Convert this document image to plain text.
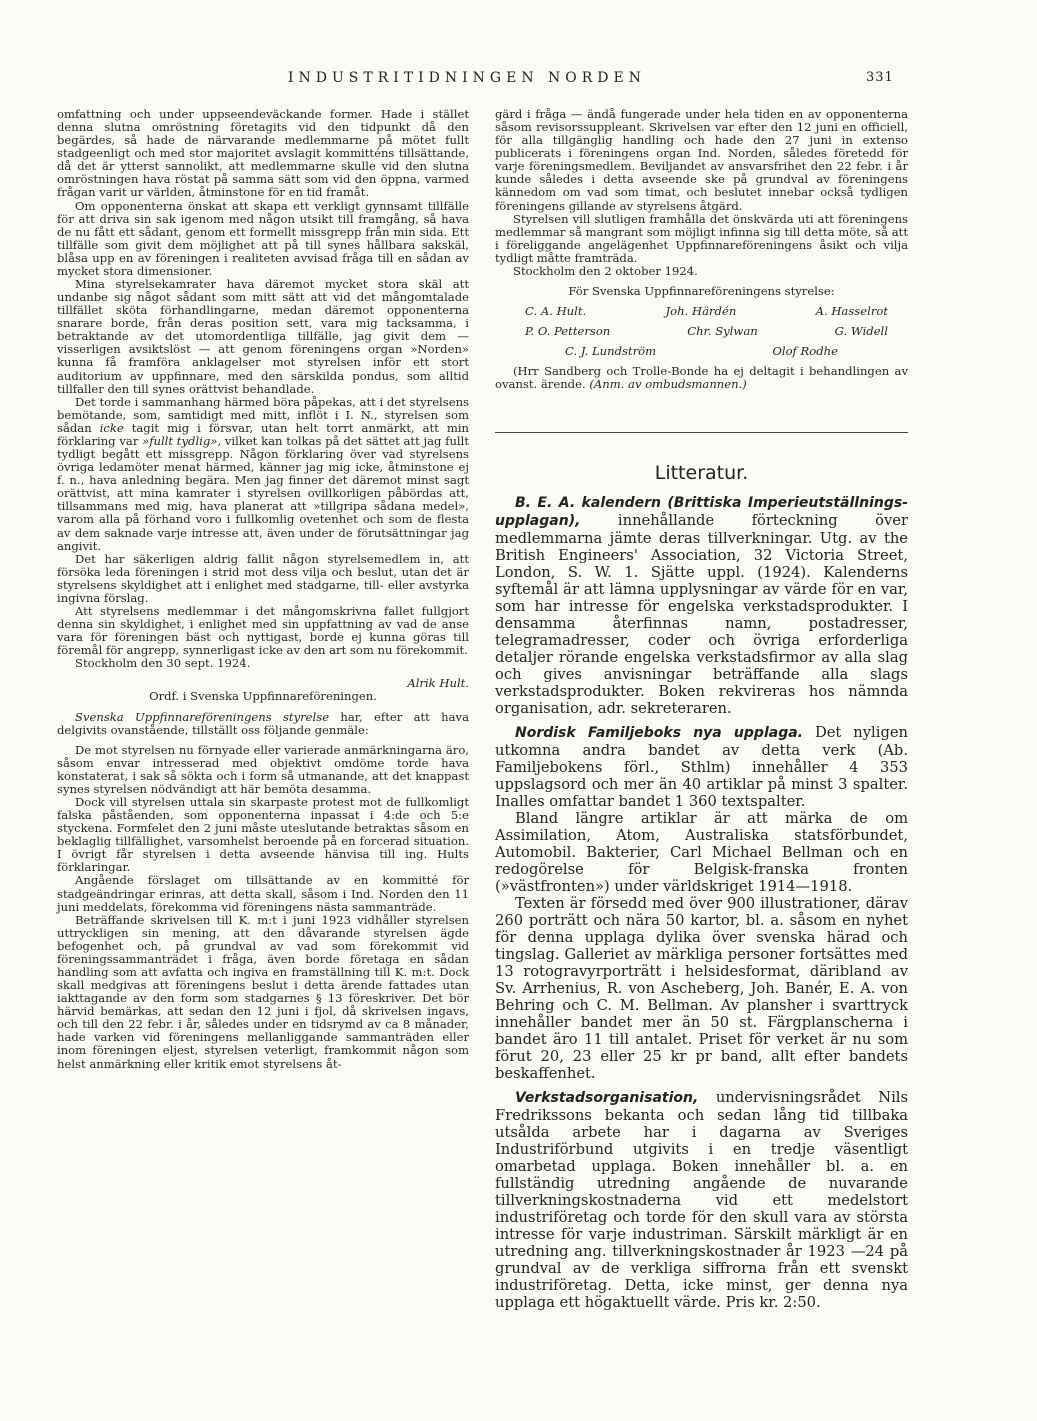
INDUSTRITIDNINGEN NORDEN	331

omfattning och under uppseendeväckande former. Hade i stället denna slutna omröstning företagits vid den tidpunkt då den begärdes, så hade de närvarande medlemmarne på mötet fullt stadgeenligt och med stor majoritet avslagit kommitténs tillsättande, då det är ytterst sannolikt, att medlemmarne skulle vid den slutna omröstningen hava röstat på samma sätt som vid den öppna, varmed frågan varit ur världen, åtminstone för en tid framåt.

Om opponenterna önskat att skapa ett verkligt gynnsamt tillfälle för att driva sin sak igenom med någon utsikt till framgång, så hava de nu fått ett sådant, genom ett formellt missgrepp från min sida. Ett tillfälle som givit dem möjlighet att på till synes hållbara sakskäl, blåsa upp en av föreningen i realiteten avvisad fråga till en sådan av mycket stora dimensioner.

Mina styrelsekamrater hava däremot mycket stora skäl att undanbe sig något sådant som mitt sätt att vid det mångomtalade tillfället sköta förhandlingarne, medan däremot opponenterna snarare borde, från deras position sett, vara mig tacksamma, i betraktande av det utomordentliga tillfälle, jag givit dem — visserligen avsiktslöst — att genom föreningens organ »Norden» kunna få framföra anklagelser mot styrelsen inför ett stort auditorium av uppfinnare, med den särskilda pondus, som alltid tillfaller den till synes orättvist behandlade.

Det torde i sammanhang härmed böra påpekas, att i det styrelsens bemötande, som, samtidigt med mitt, inflöt i I. N., styrelsen som sådan icke tagit mig i försvar, utan helt torrt anmärkt, att min förklaring var »fullt tydlig», vilket kan tolkas på det sättet att jag fullt tydligt begått ett missgrepp. Någon förklaring över vad styrelsens övriga ledamöter menat härmed, känner jag mig icke, åtminstone ej f. n., hava anledning begära. Men jag finner det däremot minst sagt orättvist, att mina kamrater i styrelsen ovillkorligen påbördas att, tillsammans med mig, hava planerat att »tillgripa sådana medel», varom alla på förhand voro i fullkomlig ovetenhet och som de flesta av dem saknade varje intresse att, även under de förutsättningar jag angivit.

Det har säkerligen aldrig fallit någon styrelsemedlem in, att försöka leda föreningen i strid mot dess vilja och beslut, utan det är styrelsens skyldighet att i enlighet med stadgarne, till- eller avstyrka ingivna förslag.

Att styrelsens medlemmar i det mångomskrivna fallet fullgjort denna sin skyldighet, i enlighet med sin uppfattning av vad de anse vara för föreningen bäst och nyttigast, borde ej kunna göras till föremål för angrepp, synnerligast icke av den art som nu förekommit.

Stockholm den 30 sept. 1924.

Alrik Hult.

Ordf. i Svenska Uppfinnareföreningen.

Svenska Uppfinnareföreningens styrelse har, efter att hava delgivits ovanstående, tillställt oss följande genmäle:

De mot styrelsen nu förnyade eller varierade anmärkningarna äro, såsom envar intresserad med objektivt omdöme torde hava konstaterat, i sak så sökta och i form så utmanande, att det knappast synes styrelsen nödvändigt att här bemöta desamma.

Dock vill styrelsen uttala sin skarpaste protest mot de fullkomligt falska påståenden, som opponenterna inpassat i 4:de och 5:e styckena. Formfelet den 2 juni måste uteslutande betraktas såsom en beklaglig tillfällighet, varsomhelst beroende på en forcerad situation. I övrigt får styrelsen i detta avseende hänvisa till ing. Hults förklaringar.

Angående förslaget om tillsättande av en kommitté för stadgeändringar erinras, att detta skall, såsom i Ind. Norden den 11 juni meddelats, förekomma vid föreningens nästa sammanträde.

Beträffande skrivelsen till K. m:t i juni 1923 vidhåller styrelsen uttryckligen sin mening, att den dåvarande styrelsen ägde befogenhet och, på grundval av vad som förekommit vid föreningssammanträdet i fråga, även borde företaga en sådan handling som att avfatta och ingiva en framställning till K. m:t. Dock skall medgivas att föreningens beslut i detta ärende fattades utan iakttagande av den form som stadgarnes § 13 föreskriver. Det bör härvid bemärkas, att sedan den 12 juni i fjol, då skrivelsen ingavs, och till den 22 febr. i år, således under en tidsrymd av ca 8 månader, hade varken vid föreningens mellanliggande sammanträden eller inom föreningen eljest, styrelsen veterligt, framkommit någon som helst anmärkning eller kritik emot styrelsens åt-

gärd i fråga — ändå fungerade under hela tiden en av opponenterna såsom revisorssuppleant. Skrivelsen var efter den 12 juni en officiell, för alla tillgänglig handling och hade den 27 juni in extenso publicerats i föreningens organ Ind. Norden, således företedd för varje föreningsmedlem. Beviljandet av ansvarsfrihet den 22 febr. i år kunde således i detta avseende ske på grundval av föreningens kännedom om vad som timat, och beslutet innebar också tydligen föreningens gillande av styrelsens åtgärd.

Styrelsen vill slutligen framhålla det önskvärda uti att föreningens medlemmar så mangrant som möjligt infinna sig till detta möte, så att i föreliggande angelägenhet Uppfinnareföreningens åsikt och vilja tydligt måtte framträda.

Stockholm den 2 oktober 1924.

För Svenska Uppfinnareföreningens styrelse:

C. A. Hult.	Joh. Härdén	A. Hasselrot
P. O. Petterson	Chr. Sylwan	G. Widell
C. J. Lundström	Olof Rodhe

(Hrr Sandberg och Trolle-Bonde ha ej deltagit i behandlingen av ovanst. ärende. (Anm. av ombudsmannen.)

Litteratur.

B. E. A. kalendern (Brittiska Imperieutställnings-upplagan),	innehållande förteckning över medlemmarna jämte deras tillverkningar. Utg. av the British Engineers' Association, 32 Victoria Street, London, S. W. 1. Sjätte uppl. (1924). Kalenderns syftemål är att lämna upplysningar av värde för en var, som har intresse för engelska verkstadsprodukter. I densamma återfinnas namn, postadresser, telegramadresser, coder och övriga erforderliga detaljer rörande engelska verkstadsfirmor av alla slag och gives anvisningar beträffande alla slags verkstadsprodukter. Boken rekvireras hos nämnda organisation, adr. sekreteraren.

Nordisk Familjeboks nya upplaga. Det nyligen utkomna andra bandet av detta verk (Ab. Familjebokens förl., Sthlm) innehåller 4 353 uppslagsord och mer än 40 artiklar på minst 3 spalter. Inalles omfattar bandet 1 360 textspalter.

Bland längre artiklar är att märka de om Assimilation, Atom, Australiska statsförbundet, Automobil. Bakterier, Carl Michael Bellman och en redogörelse för Belgisk-franska fronten (»västfronten») under världskriget 1914—1918.

Texten är försedd med över 900 illustrationer, därav 260 porträtt och nära 50 kartor, bl. a. såsom en nyhet för denna upplaga dylika över svenska härad och tingslag. Galleriet av märkliga personer fortsättes med 13 rotogravyrporträtt i helsidesformat, däribland av Sv. Arrhenius, R. von Ascheberg, Joh. Banér, E. A. von Behring och C. M. Bellman. Av plansher i svarttryck innehåller bandet mer än 50 st. Färgplanscherna i bandet äro 11 till antalet. Priset för verket är nu som förut 20, 23 eller 25 kr pr band, allt efter bandets beskaffenhet.

Verkstadsorganisation, undervisningsrådet Nils Fredrikssons bekanta och sedan lång tid tillbaka utsålda arbete har i dagarna av Sveriges Industriförbund utgivits i en tredje väsentligt omarbetad upplaga. Boken innehåller bl. a. en fullständig utredning angående de nuvarande tillverkningskostnaderna vid ett medelstort industriföretag och torde för den skull vara av största intresse för varje industriman. Särskilt märkligt är en utredning ang. tillverkningskostnader år 1923 —24 på grundval av de verkliga siffrorna från ett svenskt industriföretag. Detta, icke minst, ger denna nya upplaga ett högaktuellt värde. Pris kr. 2:50.
